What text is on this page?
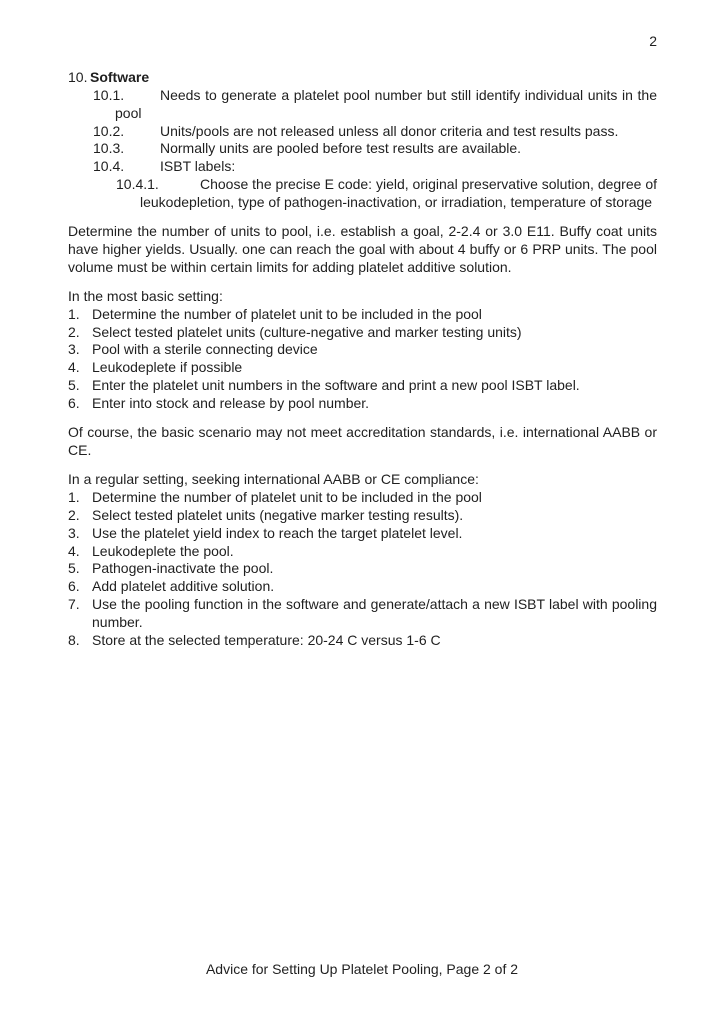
2
10. Software
10.1.	Needs to generate a platelet pool number but still identify individual units in the pool
10.2.	Units/pools are not released unless all donor criteria and test results pass.
10.3.	Normally units are pooled before test results are available.
10.4.	ISBT labels:
10.4.1.	Choose the precise E code: yield, original preservative solution, degree of leukodepletion, type of pathogen-inactivation, or irradiation, temperature of storage
Determine the number of units to pool, i.e. establish a goal, 2-2.4 or 3.0 E11. Buffy coat units have higher yields. Usually. one can reach the goal with about 4 buffy or 6 PRP units. The pool volume must be within certain limits for adding platelet additive solution.
In the most basic setting:
1. Determine the number of platelet unit to be included in the pool
2. Select tested platelet units (culture-negative and marker testing units)
3. Pool with a sterile connecting device
4. Leukodeplete if possible
5. Enter the platelet unit numbers in the software and print a new pool ISBT label.
6. Enter into stock and release by pool number.
Of course, the basic scenario may not meet accreditation standards, i.e. international AABB or CE.
In a regular setting, seeking international AABB or CE compliance:
1. Determine the number of platelet unit to be included in the pool
2. Select tested platelet units (negative marker testing results).
3. Use the platelet yield index to reach the target platelet level.
4. Leukodeplete the pool.
5. Pathogen-inactivate the pool.
6. Add platelet additive solution.
7. Use the pooling function in the software and generate/attach a new ISBT label with pooling number.
8. Store at the selected temperature: 20-24 C versus 1-6 C
Advice for Setting Up Platelet Pooling, Page 2 of 2
